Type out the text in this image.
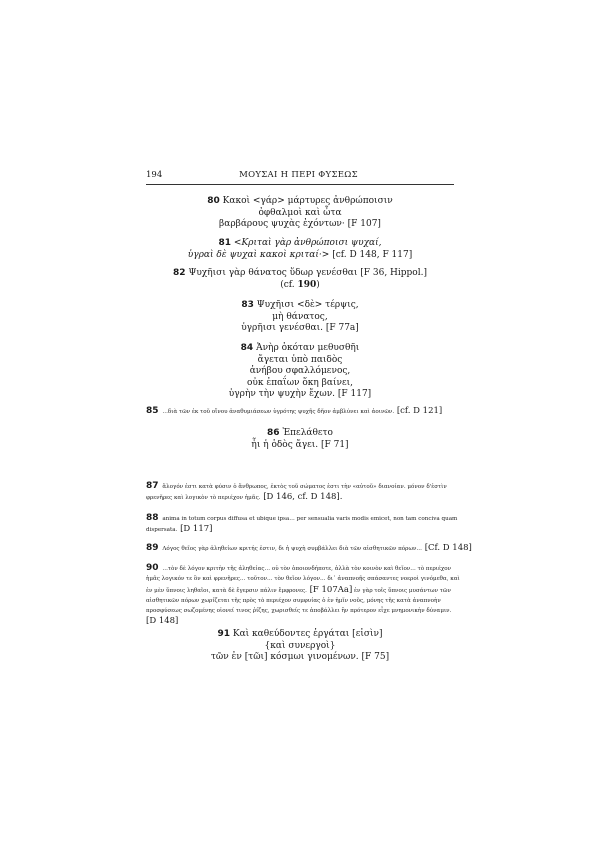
194	ΜΟΥΣΑΙ Η ΠΕΡΙ ΦΥΣΕΩΣ
80 Κακοὶ <γάρ> μάρτυρες ἀνθρώποισιν
ὀφθαλμοὶ καὶ ὦτα
βαρβάρους ψυχὰς ἐχόντων· [F 107]
81 <Κριταὶ γὰρ ἀνθρώποισι ψυχαί,
ὑγραὶ δὲ ψυχαὶ κακοὶ κριταί·> [cf. D 148, F 117]
82 Ψυχῆισι γὰρ θάνατος ὕδωρ γενέσθαι [F 36, Hippol.]
(cf. 190)
83 Ψυχῆισι <δὲ> τέρψις,
μὴ θάνατος,
ὑγρῆισι γενέσθαι. [F 77a]
84 Ἀνὴρ ὁκόταν μεθυσθῆι
ἄγεται ὑπὸ παιδὸς
ἀνήβου σφαλλόμενος,
οὐκ ἐπαΐων ὅκη βαίνει,
ὑγρὴν τὴν ψυχὴν ἔχων. [F 117]
85 …διὰ τῶν ἐκ τοῦ οἴνου ἀναθυμιάσεων ὑγρότης ψυχῆς δῆον ἀμβλύνει καὶ ἀοινῶν. [cf. D 121]
86 Ἐπελάθετο
ἧι ἡ ὁδὸς ἄγει. [F 71]
87 ἄλογόν ἐστι κατὰ φύσιν ὁ ἄνθρωπος, ἐκτὸς τοῦ σώματος ἐστι τὴν «αὐτοῦ» διανοίαν. μόνον δ'ἐστὶν
φρενῆρες καὶ λογικὸν τὸ περιέχον ἡμᾶς. [D 146, cf. D 148].
88 anima in totum corpus diffusa et ubique ipsa… per sensualia varis modis emicet, non tam conciva quam
dispersata. [D 117]
89 Λόγος θεῖος γὰρ ἀληθείων κριτής ἐστιν, δι ἡ ψυχὴ συμβάλλει διὰ τῶν αἰσθητικῶν πόρων… [Cf. D 148]
90 …τὸν δὲ λόγον κριτὴν τῆς ἀληθείας… οὐ τὸν ὁποιονδήποτε, ἀλλὰ τὸν κοινὸν καὶ θεῖον… τὸ περιέχον
ἡμᾶς λογικόν τε ὂν καὶ φρενῆρες… τοῦτον… τὸν θεῖον λόγον… δι᾽ ἀναπνοῆς σπάσαντες νοεροὶ γινόμεθα, καὶ
ἐν μὲν ὕπνοις ληθαῖοι, κατὰ δὲ ἔγερσιν πάλιν ἔμφρονες. [F 107Aa] ἐν γὰρ τοῖς ὕπνοις μυσάντων τῶν
αἰσθητικῶν πόρων χωρίζεται τῆς πρὸς τὸ περιέχον συμφυίας ὁ ἐν ἡμῖν νοῦς, μόνης τῆς κατὰ ἀναπνοὴν
προσφύσεως σωζομένης οἱονεί τινος ῥίζης, χωρισθείς τε ἀποβάλλει ἣν πρότερον εἶχε μνημονικὴν δύναμιν.
[D 148]
91 Καὶ καθεύδοντες ἐργάται [εἰσὶν]
{καὶ συνεργοὶ}
τῶν ἐν [τῶι] κόσμωι γινομένων. [F 75]
